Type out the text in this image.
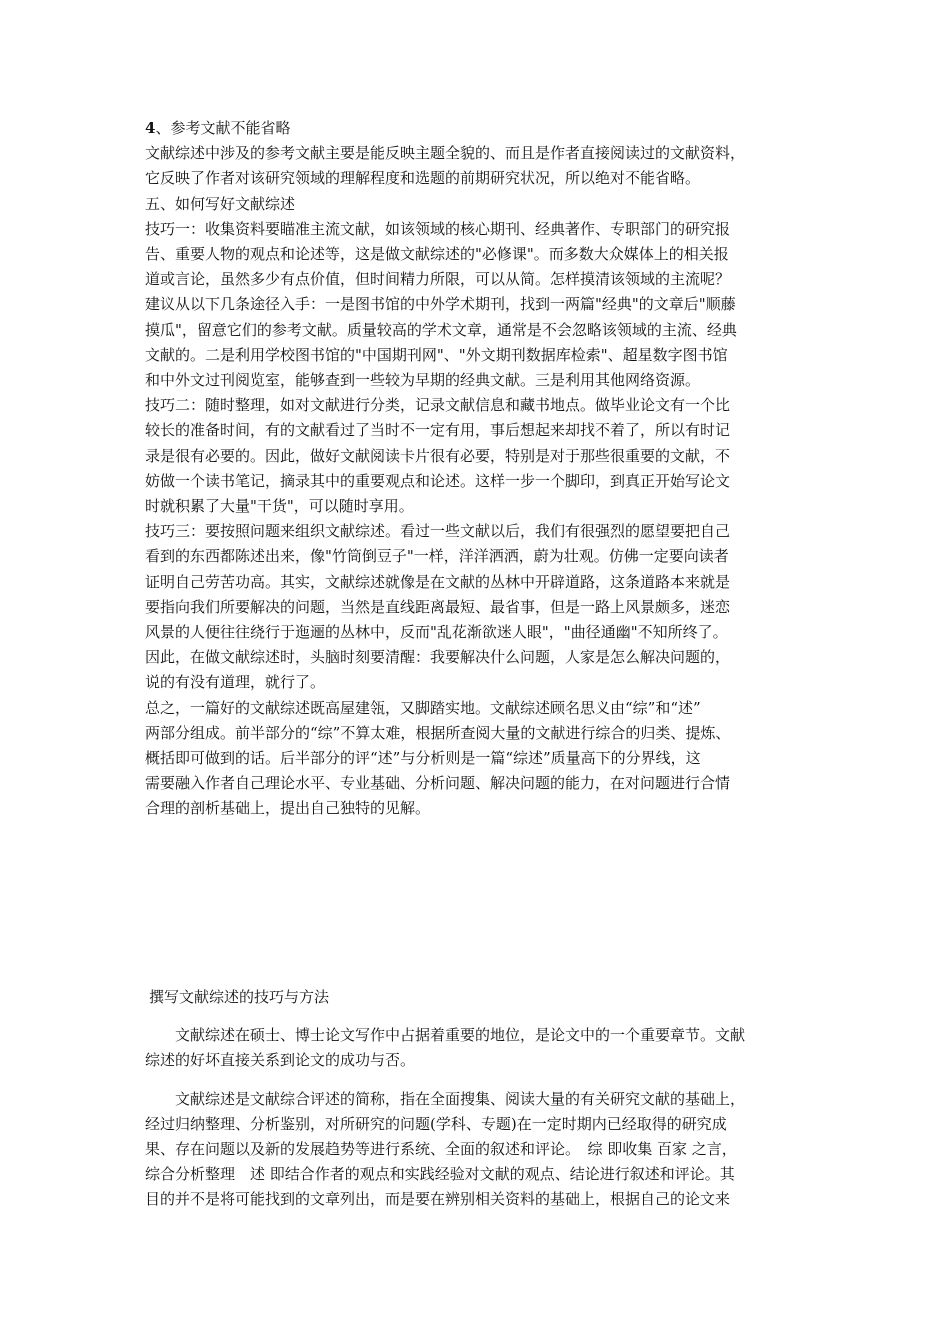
4、参考文献不能省略
文献综述中涉及的参考文献主要是能反映主题全貌的、而且是作者直接阅读过的文献资料，
它反映了作者对该研究领域的理解程度和选题的前期研究状况，所以绝对不能省略。
五、如何写好文献综述
技巧一：收集资料要瞄准主流文献，如该领域的核心期刊、经典著作、专职部门的研究报
告、重要人物的观点和论述等，这是做文献综述的"必修课"。而多数大众媒体上的相关报
道或言论，虽然多少有点价值，但时间精力所限，可以从简。怎样摸清该领域的主流呢？
建议从以下几条途径入手：一是图书馆的中外学术期刊，找到一两篇"经典"的文章后"顺藤
摸瓜"，留意它们的参考文献。质量较高的学术文章，通常是不会忽略该领域的主流、经典
文献的。二是利用学校图书馆的"中国期刊网"、"外文期刊数据库检索"、超星数字图书馆
和中外文过刊阅览室，能够查到一些较为早期的经典文献。三是利用其他网络资源。
技巧二：随时整理，如对文献进行分类，记录文献信息和藏书地点。做毕业论文有一个比
较长的准备时间，有的文献看过了当时不一定有用，事后想起来却找不着了，所以有时记
录是很有必要的。因此，做好文献阅读卡片很有必要，特别是对于那些很重要的文献，不
妨做一个读书笔记，摘录其中的重要观点和论述。这样一步一个脚印，到真正开始写论文
时就积累了大量"干货"，可以随时享用。
技巧三：要按照问题来组织文献综述。看过一些文献以后，我们有很强烈的愿望要把自己
看到的东西都陈述出来，像"竹筒倒豆子"一样，洋洋洒洒，蔚为壮观。仿佛一定要向读者
证明自己劳苦功高。其实，文献综述就像是在文献的丛林中开辟道路，这条道路本来就是
要指向我们所要解决的问题，当然是直线距离最短、最省事，但是一路上风景颇多，迷恋
风景的人便往往绕行于迤逦的丛林中，反而"乱花渐欲迷人眼"，"曲径通幽"不知所终了。
因此，在做文献综述时，头脑时刻要清醒：我要解决什么问题，人家是怎么解决问题的，
说的有没有道理，就行了。
总之，一篇好的文献综述既高屋建瓴，又脚踏实地。文献综述顾名思义由“综”和“述”
两部分组成。前半部分的“综”不算太难，根据所查阅大量的文献进行综合的归类、提炼、
概括即可做到的话。后半部分的评“述”与分析则是一篇“综述”质量高下的分界线，这
需要融入作者自己理论水平、专业基础、分析问题、解决问题的能力，在对问题进行合情
合理的剖析基础上，提出自己独特的见解。
撰写文献综述的技巧与方法
　　文献综述在硕士、博士论文写作中占据着重要的地位，是论文中的一个重要章节。文献
综述的好坏直接关系到论文的成功与否。
　　文献综述是文献综合评述的简称，指在全面搜集、阅读大量的有关研究文献的基础上，
经过归纳整理、分析鉴别，对所研究的问题(学科、专题)在一定时期内已经取得的研究成
果、存在问题以及新的发展趋势等进行系统、全面的叙述和评论。　综 即收集 百家 之言，
综合分析整理　述 即结合作者的观点和实践经验对文献的观点、结论进行叙述和评论。其
目的并不是将可能找到的文章列出，而是要在辨别相关资料的基础上，根据自己的论文来
